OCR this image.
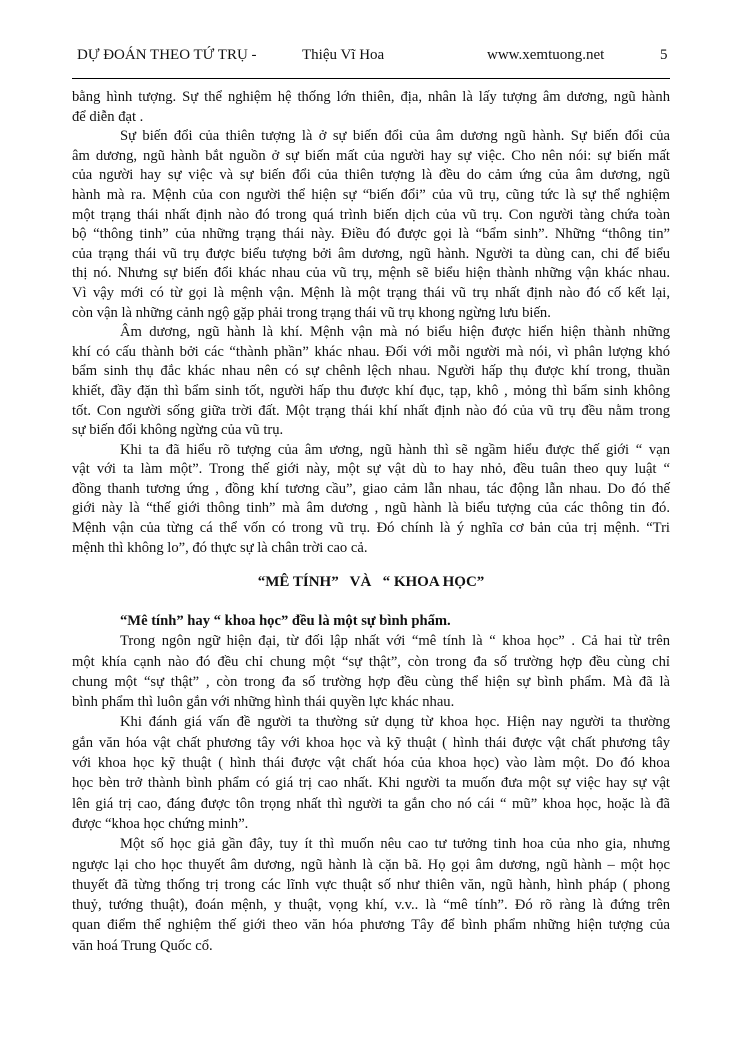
DỰ ĐOÁN THEO TỨ TRỤ -	Thiệu Vĩ Hoa	www.xemtuong.net	5
bằng hình tượng. Sự thể nghiệm hệ thống lớn thiên, địa, nhân là lấy tượng âm dương, ngũ hành
để diễn đạt .
Sự biến đổi của thiên tượng là ở sự biến đổi của âm dương ngũ hành. Sự biến đổi của
âm dương, ngũ hành bắt nguồn ở sự biến mất của người hay sự việc. Cho nên nói: sự biến mất
của người hay sự việc và sự biến đổi của thiên tượng là đều do cảm ứng của âm dương, ngũ
hành mà ra. Mệnh của con người thể hiện sự “biến đổi” của vũ trụ, cũng tức là sự thể nghiệm
một trạng thái nhất định nào đó trong quá trình biến dịch của vũ trụ. Con người tàng chứa toàn
bộ “thông tinh” của những trạng thái này. Điều đó được gọi là “bẩm sinh”. Những “thông tin”
của trạng thái vũ trụ được biểu tượng bởi âm dương, ngũ hành. Người ta dùng can, chi để biểu
thị nó. Nhưng sự biến đổi khác nhau của vũ trụ, mệnh sẽ biểu hiện thành những vận khác nhau.
Vì vậy mới có từ gọi là mệnh vận. Mệnh là một trạng thái vũ trụ nhất định nào đó cố kết lại,
còn vận là những cảnh ngộ gặp phải trong trạng thái vũ trụ khong ngừng lưu biến.
Âm dương, ngũ hành là khí. Mệnh vận mà nó biểu hiện được hiển hiện thành những
khí có cấu thành bởi các “thành phần” khác nhau. Đối với mỗi người mà nói, vì phân lượng khó
bẩm sinh thụ đắc khác nhau nên có sự chênh lệch nhau. Người hấp thụ được khí trong, thuần
khiết, đầy đặn thì bẩm sinh tốt, người hấp thu được khí đục, tạp, khô , mỏng thì bẩm sinh không
tốt. Con người sống giữa trời đất. Một trạng thái khí nhất định nào đó của vũ trụ đều nằm trong
sự biến đổi không ngừng của vũ trụ.
Khi ta đã hiểu rõ tượng của âm ương, ngũ hành thì sẽ ngầm hiểu được thế giới “ vạn
vật với ta làm một”. Trong thế giới này, một sự vật dù to hay nhỏ, đều tuân theo quy luật “
đồng thanh tương ứng , đồng khí tương cầu”, giao cảm lẫn nhau, tác động lẫn nhau. Do đó thế
giới này là “thế giới thông tinh” mà âm dương , ngũ hành là biểu tượng của các thông tin đó.
Mệnh vận của từng cá thể vốn có trong vũ trụ. Đó chính là ý nghĩa cơ bản của trị mệnh. “Tri
mệnh thì không lo”, đó thực sự là chân trời cao cả.
“MÊ TÍNH”   VÀ   “ KHOA HỌC”
“Mê tính” hay “ khoa học” đều là một sự bình phẩm.
Trong ngôn ngữ hiện đại, từ đối lập nhất với “mê tính là “ khoa học” . Cả hai từ trên
một khía cạnh nào đó đều chỉ chung một “sự thật”, còn trong đa số trường hợp đều cùng chỉ
chung một “sự thật” , còn trong đa số trường hợp đều cùng thể hiện sự bình phẩm. Mà đã là
bình phẩm thì luôn gắn với những hình thái quyền lực khác nhau.
Khi đánh giá vấn đề người ta thường sử dụng từ khoa học. Hiện nay người ta thường
gắn văn hóa vật chất phương tây với khoa học và kỹ thuật ( hình thái được vật chất phương tây
với khoa học kỹ thuật ( hình thái được vật chất hóa của khoa học) vào làm một. Do đó khoa
học bèn trở thành bình phẩm có giá trị cao nhất. Khi người ta muốn đưa một sự việc hay sự vật
lên giá trị cao, đáng được tôn trọng nhất thì người ta gắn cho nó cái “ mũ” khoa học, hoặc là đã
được “khoa học chứng minh”.
Một số học giả gần đây, tuy ít thì muốn nêu cao tư tưởng tinh hoa của nho gia, nhưng
ngược lại cho học thuyết âm dương, ngũ hành là cặn bã. Họ gọi âm dương, ngũ hành – một học
thuyết đã từng thống trị trong các lĩnh vực thuật số như thiên văn, ngũ hành, hình pháp ( phong
thuỷ, tướng thuật), đoán mệnh, y thuật, vọng khí, v.v.. là “mê tính”. Đó rõ ràng là đứng trên
quan điểm thể nghiệm thế giới theo văn hóa phương Tây để bình phẩm những hiện tượng của
văn hoá Trung Quốc cổ.
